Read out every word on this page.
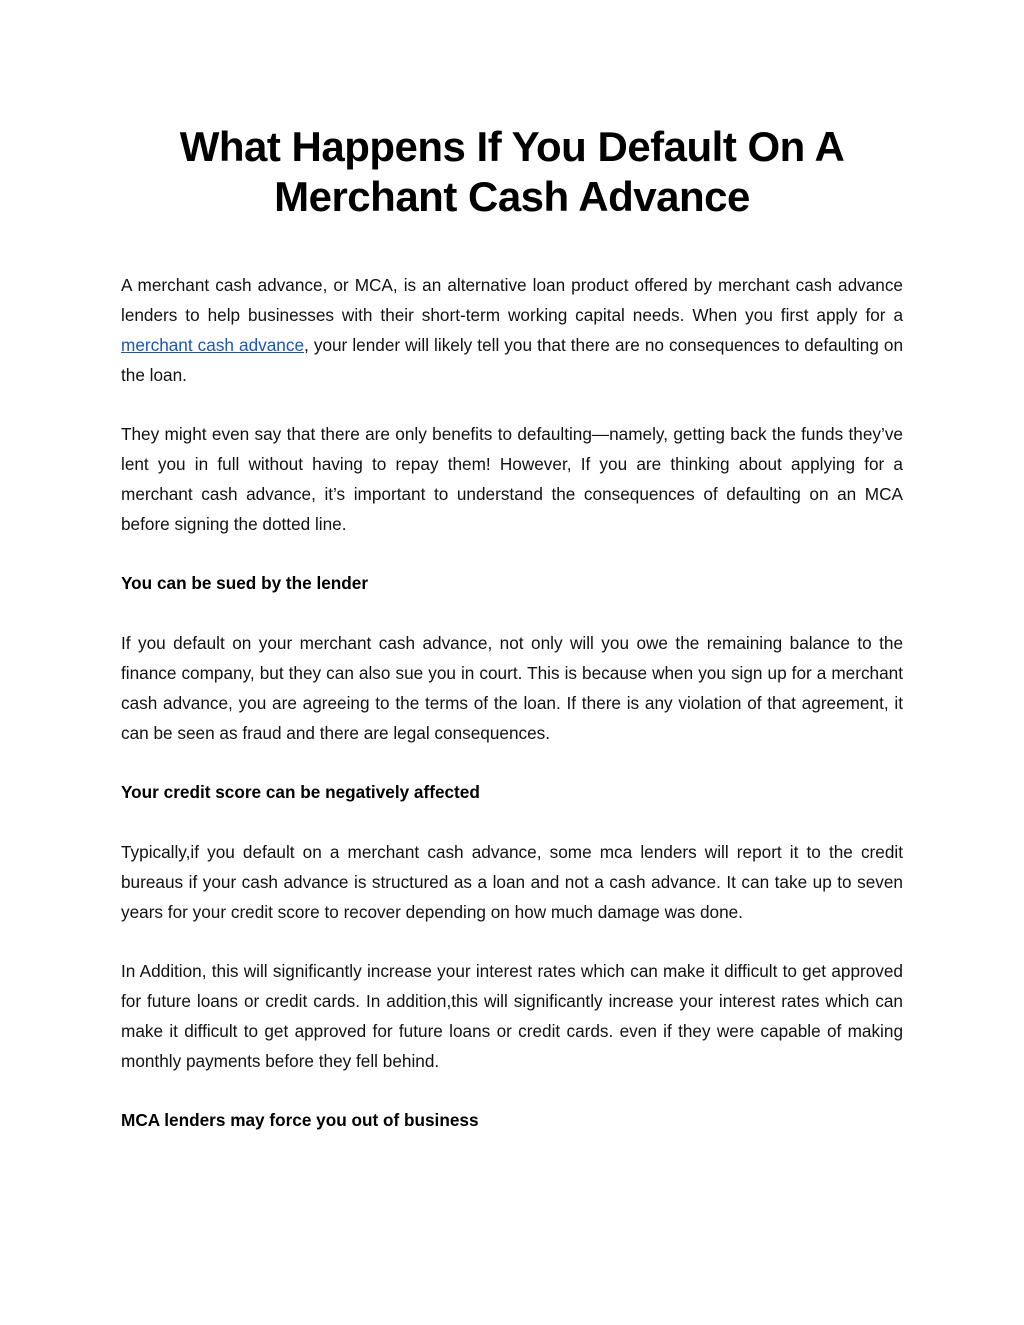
What Happens If You Default On A
Merchant Cash Advance

A merchant cash advance, or MCA, is an alternative loan product offered by merchant cash advance lenders to help businesses with their short-term working capital needs. When you first apply for a merchant cash advance, your lender will likely tell you that there are no consequences to defaulting on the loan.

They might even say that there are only benefits to defaulting—namely, getting back the funds they’ve lent you in full without having to repay them! However, If you are thinking about applying for a merchant cash advance, it’s important to understand the consequences of defaulting on an MCA before signing the dotted line.

You can be sued by the lender

If you default on your merchant cash advance, not only will you owe the remaining balance to the finance company, but they can also sue you in court. This is because when you sign up for a merchant cash advance, you are agreeing to the terms of the loan. If there is any violation of that agreement, it can be seen as fraud and there are legal consequences.

Your credit score can be negatively affected

Typically,if you default on a merchant cash advance, some mca lenders will report it to the credit bureaus if your cash advance is structured as a loan and not a cash advance. It can take up to seven years for your credit score to recover depending on how much damage was done.

In Addition, this will significantly increase your interest rates which can make it difficult to get approved for future loans or credit cards. In addition,this will significantly increase your interest rates which can make it difficult to get approved for future loans or credit cards. even if they were capable of making monthly payments before they fell behind.

MCA lenders may force you out of business
